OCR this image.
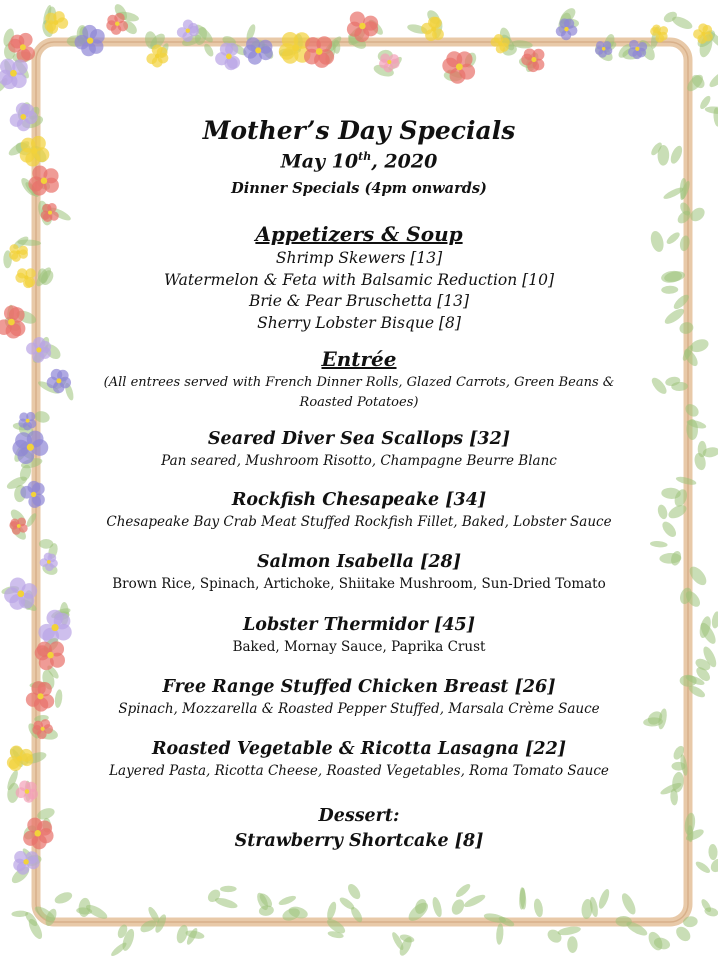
Mother’s Day Specials
May 10th, 2020
Dinner Specials (4pm onwards)
Appetizers & Soup
Shrimp Skewers [13]
Watermelon & Feta with Balsamic Reduction [10]
Brie & Pear Bruschetta [13]
Sherry Lobster Bisque [8]
Entrée
(All entrees served with French Dinner Rolls, Glazed Carrots, Green Beans &
Roasted Potatoes)
Seared Diver Sea Scallops [32]
Pan seared, Mushroom Risotto, Champagne Beurre Blanc
Rockfish Chesapeake [34]
Chesapeake Bay Crab Meat Stuffed Rockfish Fillet, Baked, Lobster Sauce
Salmon Isabella [28]
Brown Rice, Spinach, Artichoke, Shiitake Mushroom, Sun-Dried Tomato
Lobster Thermidor [45]
Baked, Mornay Sauce, Paprika Crust
Free Range Stuffed Chicken Breast [26]
Spinach, Mozzarella & Roasted Pepper Stuffed, Marsala Crème Sauce
Roasted Vegetable & Ricotta Lasagna [22]
Layered Pasta, Ricotta Cheese, Roasted Vegetables, Roma Tomato Sauce
Dessert:
Strawberry Shortcake [8]
